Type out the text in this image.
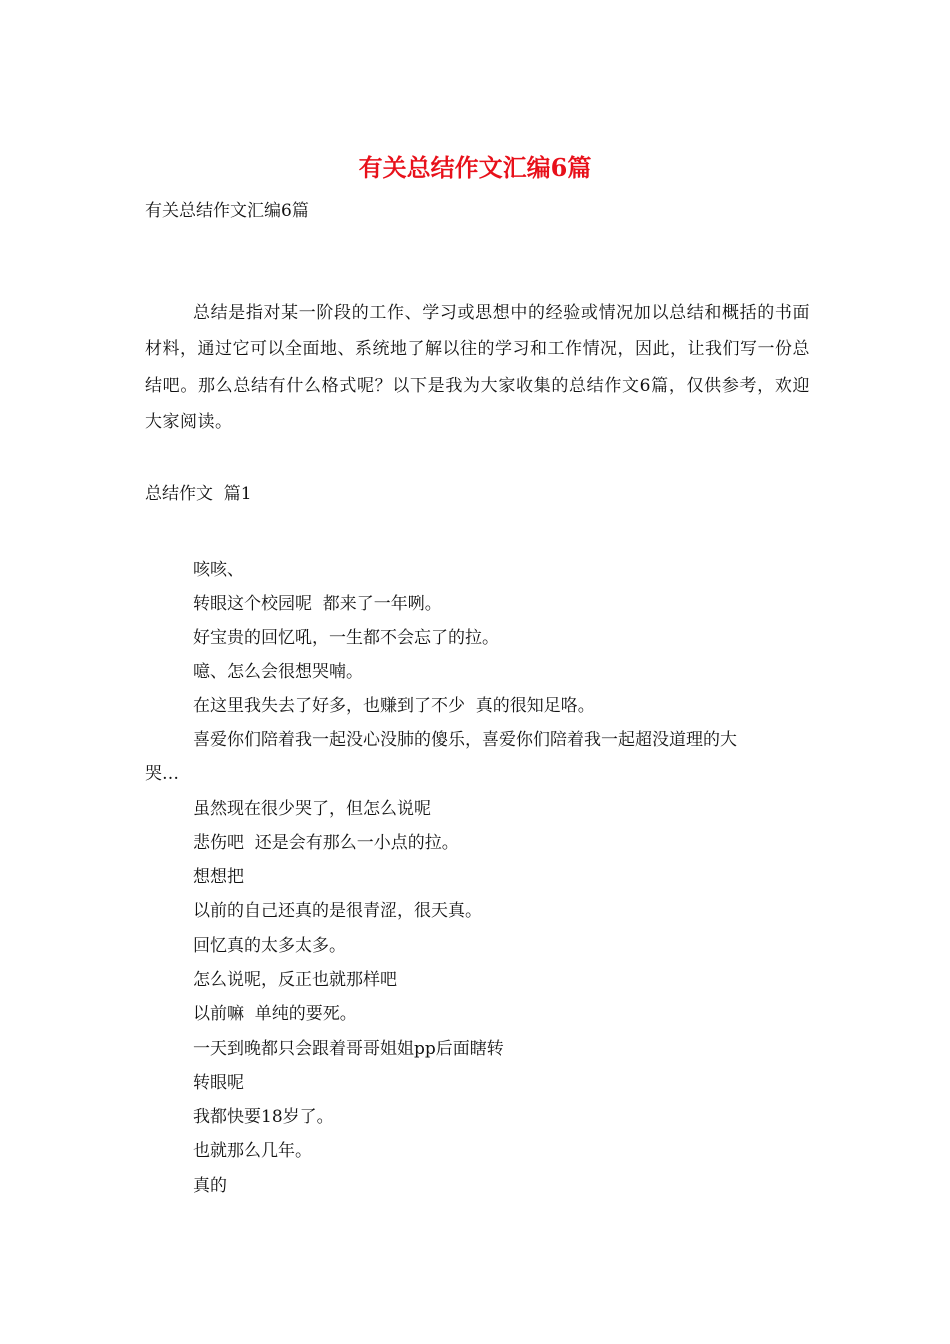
有关总结作文汇编6篇
有关总结作文汇编6篇

总结是指对某一阶段的工作、学习或思想中的经验或情况加以总结和概括的书面材料，通过它可以全面地、系统地了解以往的学习和工作情况，因此，让我们写一份总结吧。那么总结有什么格式呢？以下是我为大家收集的总结作文6篇，仅供参考，欢迎大家阅读。

总结作文  篇1
咳咳、
转眼这个校园呢  都来了一年咧。
好宝贵的回忆吼，一生都不会忘了的拉。
噫、怎么会很想哭喃。
在这里我失去了好多，也赚到了不少  真的很知足咯。
喜爱你们陪着我一起没心没肺的傻乐，喜爱你们陪着我一起超没道理的大
哭…
虽然现在很少哭了，但怎么说呢
悲伤吧  还是会有那么一小点的拉。
想想把
以前的自己还真的是很青涩，很天真。
回忆真的太多太多。
怎么说呢，反正也就那样吧
以前嘛  单纯的要死。
一天到晚都只会跟着哥哥姐姐pp后面瞎转
转眼呢
我都快要18岁了。
也就那么几年。
真的
